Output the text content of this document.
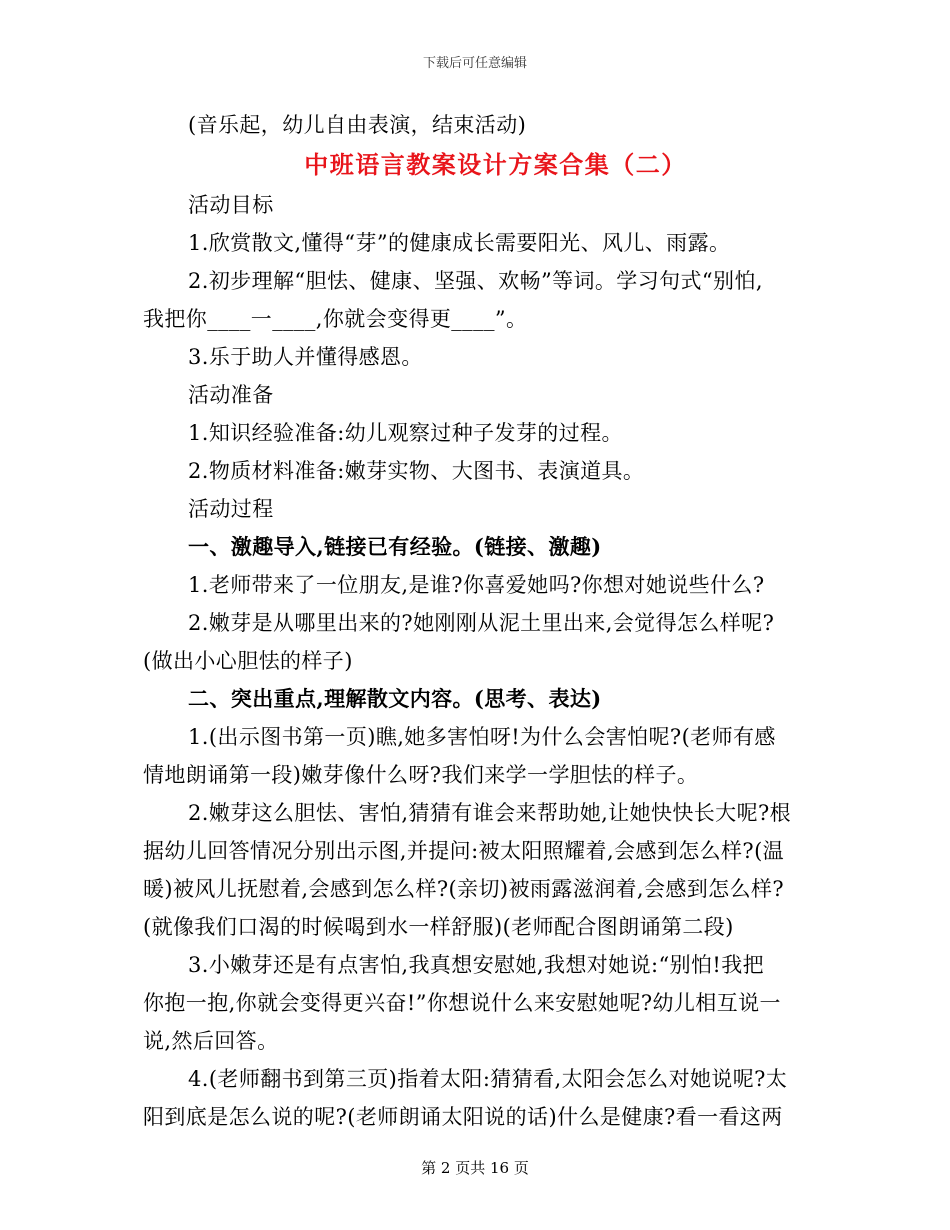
下载后可任意编辑

(音乐起，幼儿自由表演，结束活动)

中班语言教案设计方案合集（二）

活动目标

1.欣赏散文,懂得“芽”的健康成长需要阳光、风儿、雨露。

2.初步理解“胆怯、健康、坚强、欢畅”等词。学习句式“别怕,

我把你____一____,你就会变得更____”。

3.乐于助人并懂得感恩。

活动准备

1.知识经验准备:幼儿观察过种子发芽的过程。

2.物质材料准备:嫩芽实物、大图书、表演道具。

活动过程

一、激趣导入,链接已有经验。(链接、激趣)

1.老师带来了一位朋友,是谁?你喜爱她吗?你想对她说些什么?

2.嫩芽是从哪里出来的?她刚刚从泥土里出来,会觉得怎么样呢?

(做出小心胆怯的样子)

二、突出重点,理解散文内容。(思考、表达)

1.(出示图书第一页)瞧,她多害怕呀!为什么会害怕呢?(老师有感

情地朗诵第一段)嫩芽像什么呀?我们来学一学胆怯的样子。

2.嫩芽这么胆怯、害怕,猜猜有谁会来帮助她,让她快快长大呢?根

据幼儿回答情况分别出示图,并提问:被太阳照耀着,会感到怎么样?(温

暖)被风儿抚慰着,会感到怎么样?(亲切)被雨露滋润着,会感到怎么样?

(就像我们口渴的时候喝到水一样舒服)(老师配合图朗诵第二段)

3.小嫩芽还是有点害怕,我真想安慰她,我想对她说:“别怕!我把

你抱一抱,你就会变得更兴奋!”你想说什么来安慰她呢?幼儿相互说一

说,然后回答。

4.(老师翻书到第三页)指着太阳:猜猜看,太阳会怎么对她说呢?太

阳到底是怎么说的呢?(老师朗诵太阳说的话)什么是健康?看一看这两

第 2 页共 16 页
